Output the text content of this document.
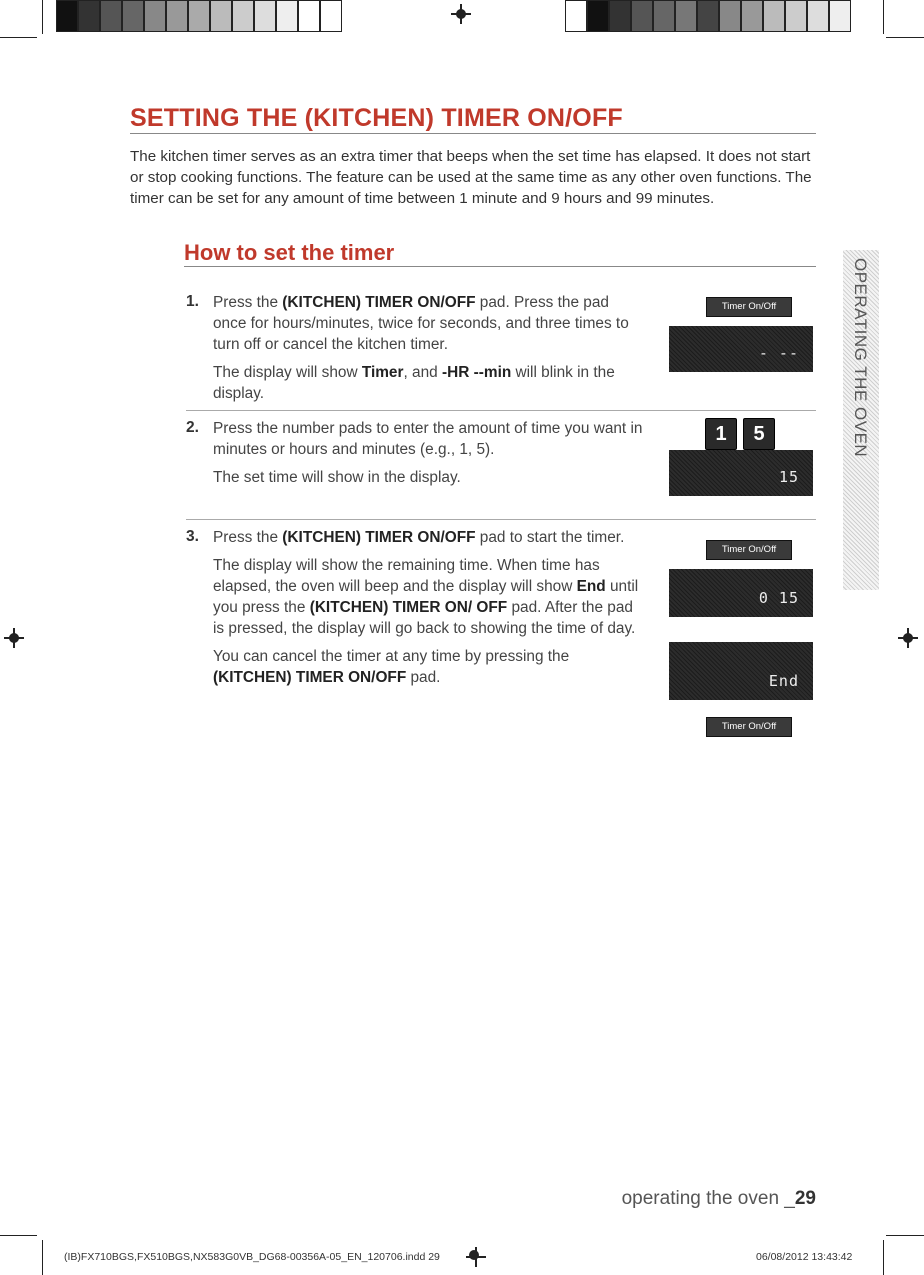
SETTING THE (KITCHEN) TIMER ON/OFF
The kitchen timer serves as an extra timer that beeps when the set time has elapsed. It does not start or stop cooking functions. The feature can be used at the same time as any other oven functions. The timer can be set for any amount of time between 1 minute and 9 hours and 99 minutes.
How to set the timer
1. Press the (KITCHEN) TIMER ON/OFF pad. Press the pad once for hours/minutes, twice for seconds, and three times to turn off or cancel the kitchen timer.

The display will show Timer, and -HR --min will blink in the display.

2. Press the number pads to enter the amount of time you want in minutes or hours and minutes (e.g., 1, 5).

The set time will show in the display.

3. Press the (KITCHEN) TIMER ON/OFF pad to start the timer.

The display will show the remaining time. When time has elapsed, the oven will beep and the display will show End until you press the (KITCHEN) TIMER ON/ OFF pad. After the pad is pressed, the display will go back to showing the time of day.

You can cancel the timer at any time by pressing the (KITCHEN) TIMER ON/OFF pad.

Timer On/Off
- --
1	5
15
Timer On/Off
0 15
End
Timer On/Off
OPERATING THE OVEN
operating the oven _29
(IB)FX710BGS,FX510BGS,NX583G0VB_DG68-00356A-05_EN_120706.indd 29	06/08/2012 13:43:42
